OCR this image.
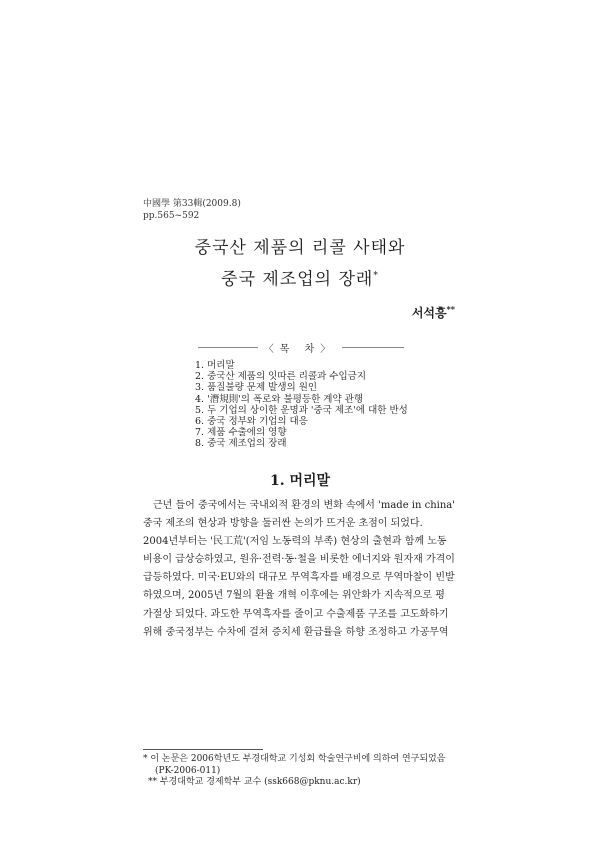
中國學 第33輯(2009.8)
pp.565~592
중국산 제품의 리콜 사태와
중국 제조업의 장래*
서석흥**
〈목 차〉
1. 머리말
2. 중국산 제품의 잇따른 리콜과 수입금지
3. 품질불량 문제 발생의 원인
4. '潛規則'의 폭로와 불평등한 계약 관행
5. 두 기업의 상이한 운명과 '중국 제조'에 대한 반성
6. 중국 정부와 기업의 대응
7. 제품 수출에의 영향
8. 중국 제조업의 장래
1. 머리말

근년 들어 중국에서는 국내외적 환경의 변화 속에서 'made in china'
중국 제조의 현상과 방향을 둘러싼 논의가 뜨거운 초점이 되었다.
2004년부터는 '民工荒'(저임 노동력의 부족) 현상의 출현과 함께 노동
비용이 급상승하였고, 원유·전력·동·철을 비롯한 에너지와 원자재 가격이
급등하였다. 미국·EU와의 대규모 무역흑자를 배경으로 무역마찰이 빈발
하였으며, 2005년 7월의 환율 개혁 이후에는 위안화가 지속적으로 평
가절상 되었다. 과도한 무역흑자를 줄이고 수출제품 구조를 고도화하기
위해 중국정부는 수차에 걸쳐 증치세 환급률을 하향 조정하고 가공무역

* 이 논문은 2006학년도 부경대학교 기성회 학술연구비에 의하여 연구되었음
(PK-2006-011)
** 부경대학교 경제학부 교수 (ssk668@pknu.ac.kr)
